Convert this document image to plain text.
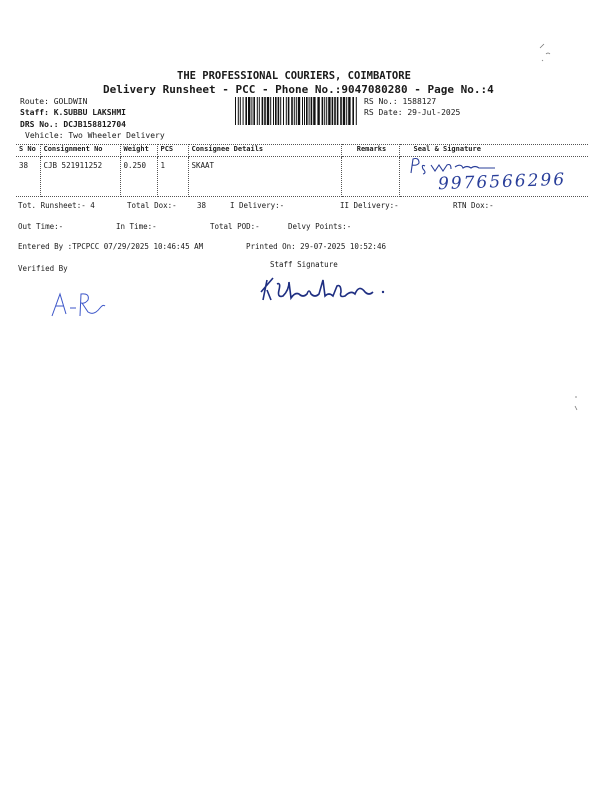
THE PROFESSIONAL COURIERS, COIMBATORE
Delivery Runsheet - PCC - Phone No.:9047080280 - Page No.:4
Route: GOLDWIN
Staff: K.SUBBU LAKSHMI
DRS No.: DCJB158812704
Vehicle: Two Wheeler Delivery
RS No.: 1588127
RS Date: 29-Jul-2025
S No	Consignment No	Weight	PCS	Consignee Details	Remarks	Seal & Signature
38	CJB 521911252	0.250	1	SKAAT		
Tot. Runsheet:- 4	Total Dox:-	38	I Delivery:-	II Delivery:-	RTN Dox:-
Out Time:-	In Time:-	Total POD:-	Delvy Points:-
Entered By :TPCPCC 07/29/2025 10:46:45 AM	Printed On: 29-07-2025 10:52:46
Verified By	Staff Signature
9976566296
